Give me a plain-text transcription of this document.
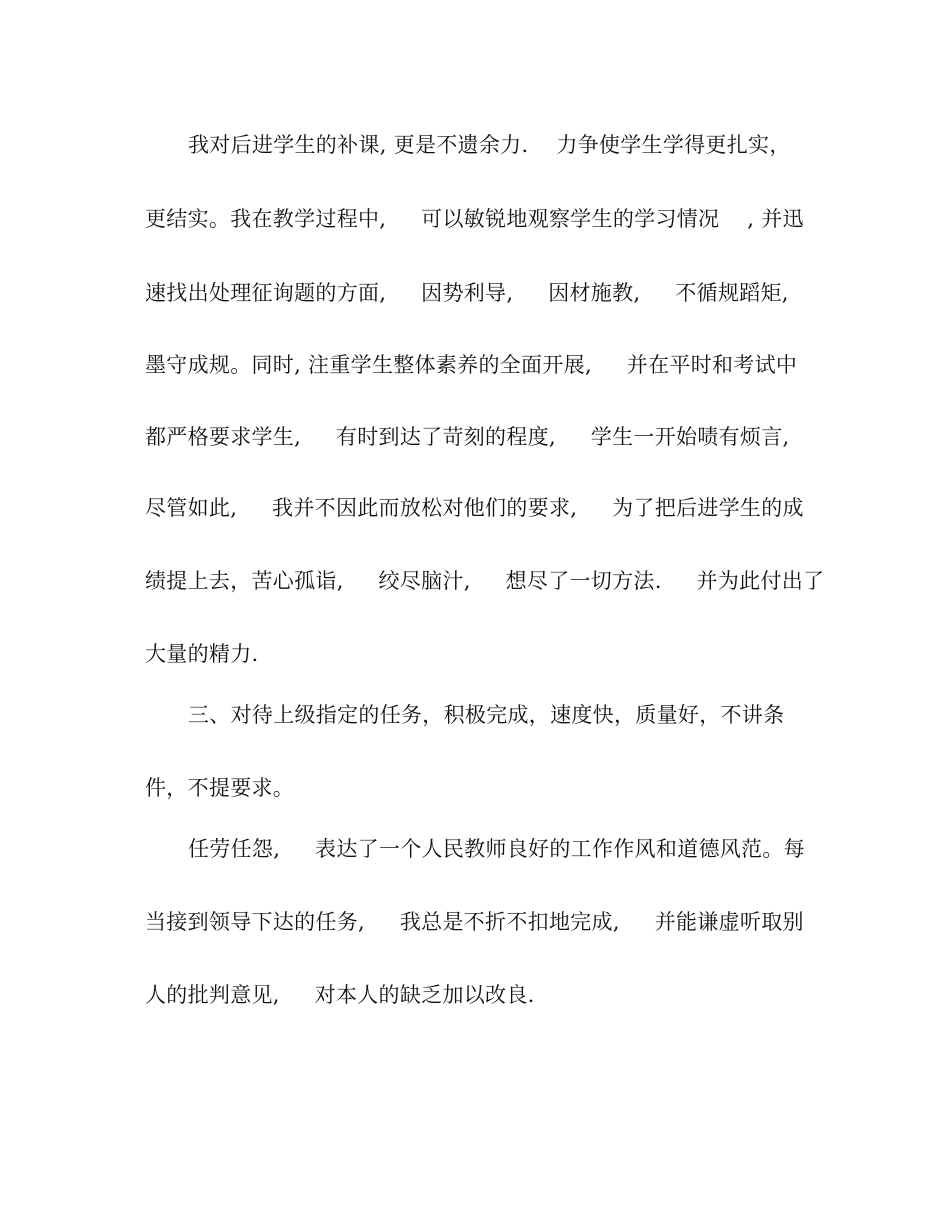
我对后进学生的补课, 更是不遗余力.    力争使学生学得更扎实，
更结实。我在教学过程中,     可以敏锐地观察学生的学习情况    , 并迅
速找出处理征询题的方面,     因势利导,     因材施教,     不循规蹈矩,
墨守成规。同时, 注重学生整体素养的全面开展,     并在平时和考试中
都严格要求学生,     有时到达了苛刻的程度,     学生一开始啧有烦言,
尽管如此,     我并不因此而放松对他们的要求,     为了把后进学生的成
绩提上去，苦心孤诣,     绞尽脑汁,     想尽了一切方法.     并为此付出了
大量的精力.
三、对待上级指定的任务，积极完成，速度快，质量好，不讲条
件，不提要求。
任劳任怨,     表达了一个人民教师良好的工作作风和道德风范。每
当接到领导下达的任务,     我总是不折不扣地完成,     并能谦虚听取别
人的批判意见,     对本人的缺乏加以改良.
